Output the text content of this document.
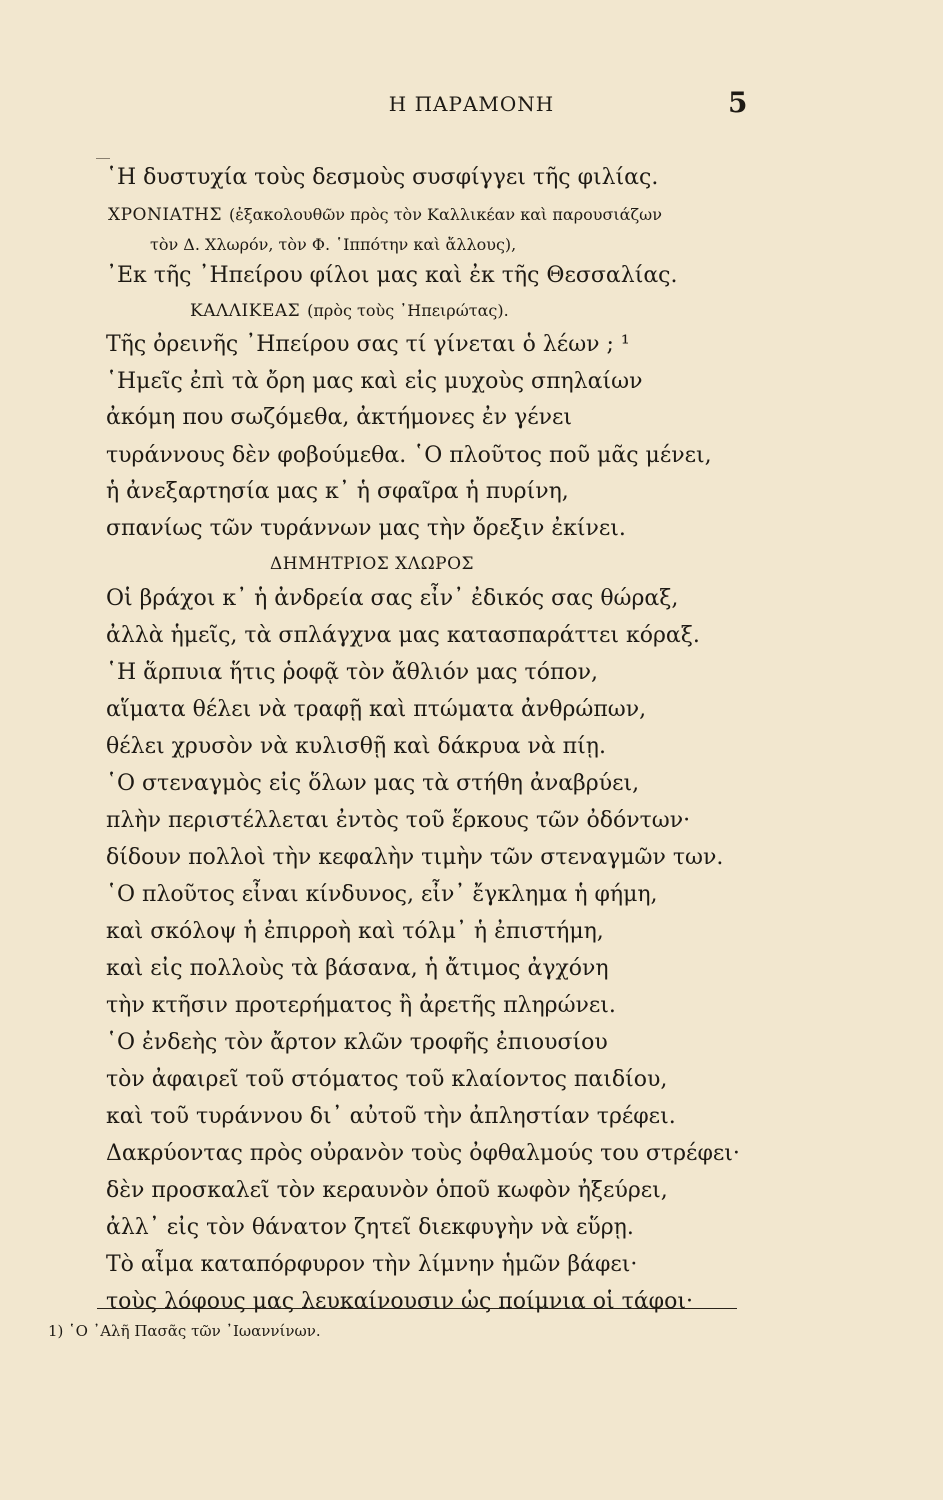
Η ΠΑΡΑΜΟΝΗ	5
῾Η δυστυχία τοὺς δεσμοὺς συσφίγγει τῆς φιλίας.
ΧΡΟΝΙΑΤΗΣ (ἐξακολουθῶν πρὸς τὸν Καλλικέαν καὶ παρουσιάζων
τὸν Δ. Χλωρόν, τὸν Φ. ῾Ιππότην καὶ ἄλλους),
᾿Εκ τῆς ᾿Ηπείρου φίλοι μας καὶ ἐκ τῆς Θεσσαλίας.
ΚΑΛΛΙΚΕΑΣ (πρὸς τοὺς ᾿Ηπειρώτας).
Τῆς ὀρεινῆς ᾿Ηπείρου σας τί γίνεται ὁ λέων ; ¹
῾Ημεῖς ἐπὶ τὰ ὄρη μας καὶ εἰς μυχοὺς σπηλαίων
ἀκόμη που σωζόμεθα, ἀκτήμονες ἐν γένει
τυράννους δὲν φοβούμεθα. ῾Ο πλοῦτος ποῦ μᾶς μένει,
ἡ ἀνεξαρτησία μας κ᾿ ἡ σφαῖρα ἡ πυρίνη,
σπανίως τῶν τυράννων μας τὴν ὄρεξιν ἐκίνει.
ΔΗΜΗΤΡΙΟΣ ΧΛΩΡΟΣ
Οἱ βράχοι κ᾿ ἡ ἀνδρεία σας εἶν᾿ ἐδικός σας θώραξ,
ἀλλὰ ἡμεῖς, τὰ σπλάγχνα μας κατασπαράττει κόραξ.
῾Η ἅρπυια ἥτις ῥοφᾷ τὸν ἄθλιόν μας τόπον,
αἵματα θέλει νὰ τραφῇ καὶ πτώματα ἀνθρώπων,
θέλει χρυσὸν νὰ κυλισθῇ καὶ δάκρυα νὰ πίῃ.
῾Ο στεναγμὸς εἰς ὅλων μας τὰ στήθη ἀναβρύει,
πλὴν περιστέλλεται ἐντὸς τοῦ ἕρκους τῶν ὀδόντων·
δίδουν πολλοὶ τὴν κεφαλὴν τιμὴν τῶν στεναγμῶν των.
῾Ο πλοῦτος εἶναι κίνδυνος, εἶν᾿ ἔγκλημα ἡ φήμη,
καὶ σκόλοψ ἡ ἐπιρροὴ καὶ τόλμ᾿ ἡ ἐπιστήμη,
καὶ εἰς πολλοὺς τὰ βάσανα, ἡ ἄτιμος ἀγχόνη
τὴν κτῆσιν προτερήματος ἢ ἀρετῆς πληρώνει.
῾Ο ἐνδεὴς τὸν ἄρτον κλῶν τροφῆς ἐπιουσίου
τὸν ἀφαιρεῖ τοῦ στόματος τοῦ κλαίοντος παιδίου,
καὶ τοῦ τυράννου δι᾿ αὐτοῦ τὴν ἀπληστίαν τρέφει.
Δακρύοντας πρὸς οὐρανὸν τοὺς ὀφθαλμούς του στρέφει·
δὲν προσκαλεῖ τὸν κεραυνὸν ὁποῦ κωφὸν ἠξεύρει,
ἀλλ᾿ εἰς τὸν θάνατον ζητεῖ διεκφυγὴν νὰ εὕρῃ.
Τὸ αἷμα καταπόρφυρον τὴν λίμνην ἡμῶν βάφει·
τοὺς λόφους μας λευκαίνουσιν ὡς ποίμνια οἱ τάφοι·
1) ῾Ο ᾿Αλῆ Πασᾶς τῶν ᾿Ιωαννίνων.
